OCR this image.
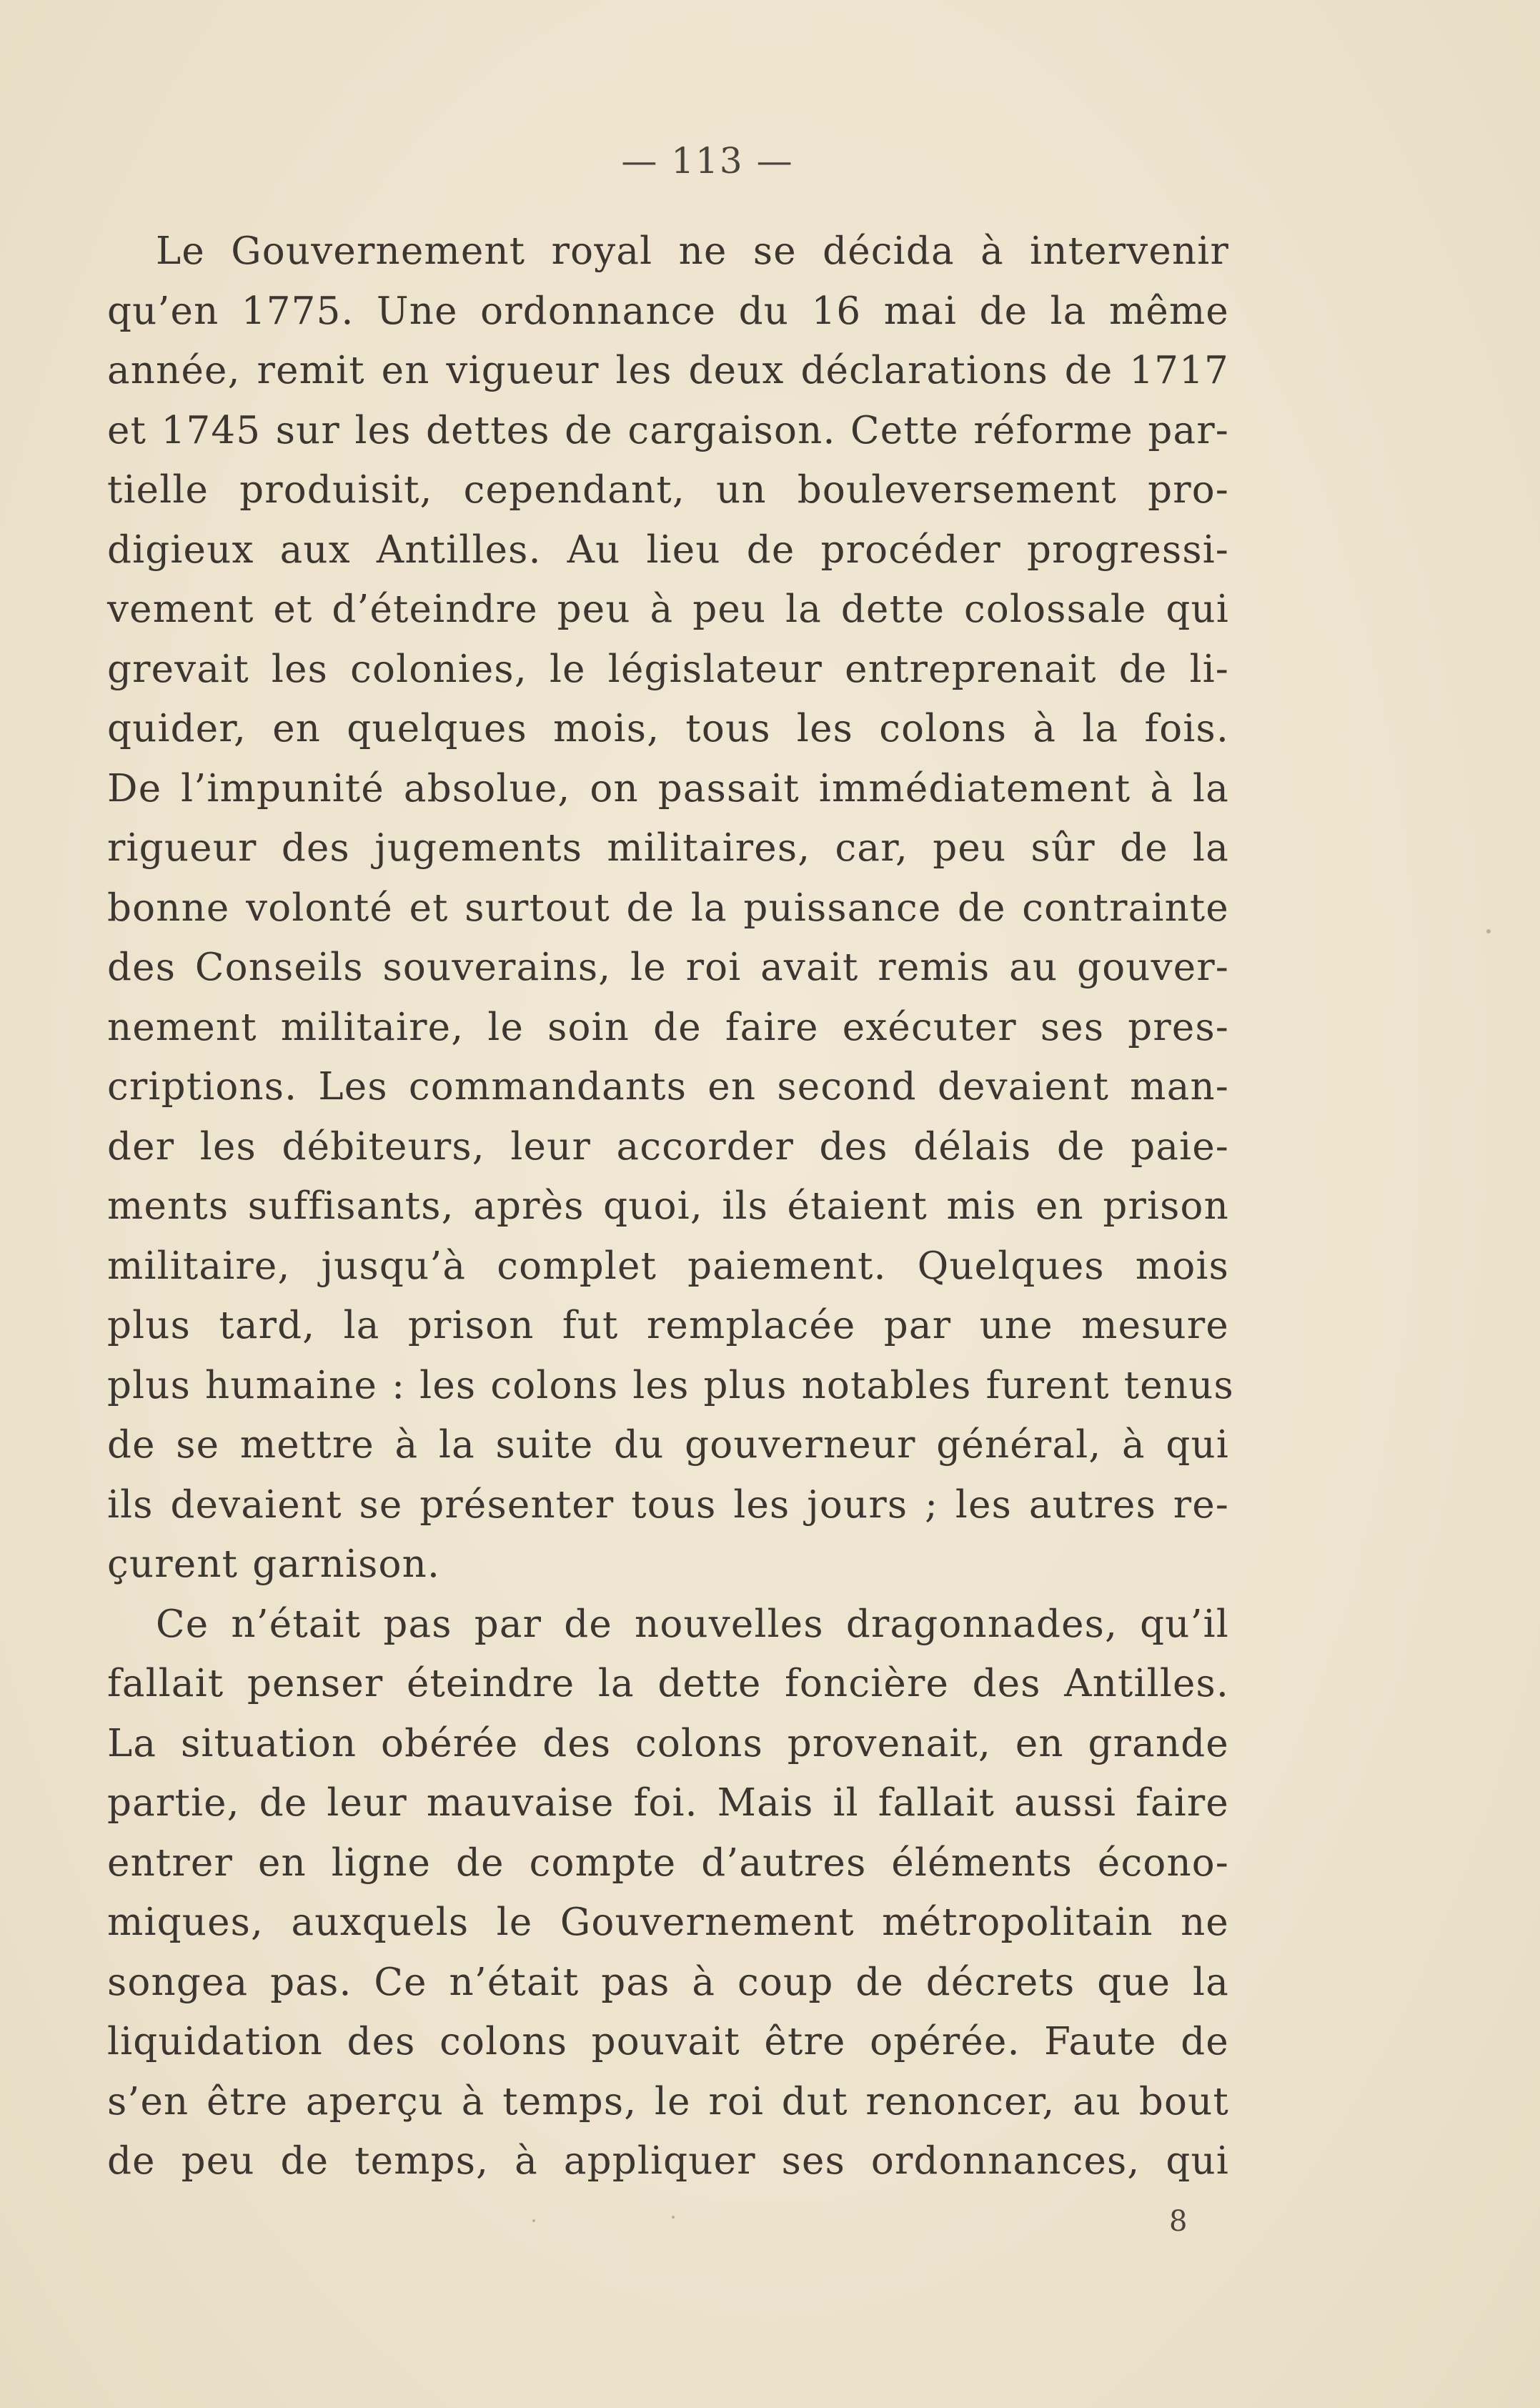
— 113 —
Le Gouvernement royal ne se décida à intervenir
qu’en 1775. Une ordonnance du 16 mai de la même
année, remit en vigueur les deux déclarations de 1717
et 1745 sur les dettes de cargaison. Cette réforme par-
tielle produisit, cependant, un bouleversement pro-
digieux aux Antilles. Au lieu de procéder progressi-
vement et d’éteindre peu à peu la dette colossale qui
grevait les colonies, le législateur entreprenait de li-
quider, en quelques mois, tous les colons à la fois.
De l’impunité absolue, on passait immédiatement à la
rigueur des jugements militaires, car, peu sûr de la
bonne volonté et surtout de la puissance de contrainte
des Conseils souverains, le roi avait remis au gouver-
nement militaire, le soin de faire exécuter ses pres-
criptions. Les commandants en second devaient man-
der les débiteurs, leur accorder des délais de paie-
ments suffisants, après quoi, ils étaient mis en prison
militaire, jusqu’à complet paiement. Quelques mois
plus tard, la prison fut remplacée par une mesure
plus humaine : les colons les plus notables furent tenus
de se mettre à la suite du gouverneur général, à qui
ils devaient se présenter tous les jours ; les autres re-
çurent garnison.
Ce n’était pas par de nouvelles dragonnades, qu’il
fallait penser éteindre la dette foncière des Antilles.
La situation obérée des colons provenait, en grande
partie, de leur mauvaise foi. Mais il fallait aussi faire
entrer en ligne de compte d’autres éléments écono-
miques, auxquels le Gouvernement métropolitain ne
songea pas. Ce n’était pas à coup de décrets que la
liquidation des colons pouvait être opérée. Faute de
s’en être aperçu à temps, le roi dut renoncer, au bout
de peu de temps, à appliquer ses ordonnances, qui
8
